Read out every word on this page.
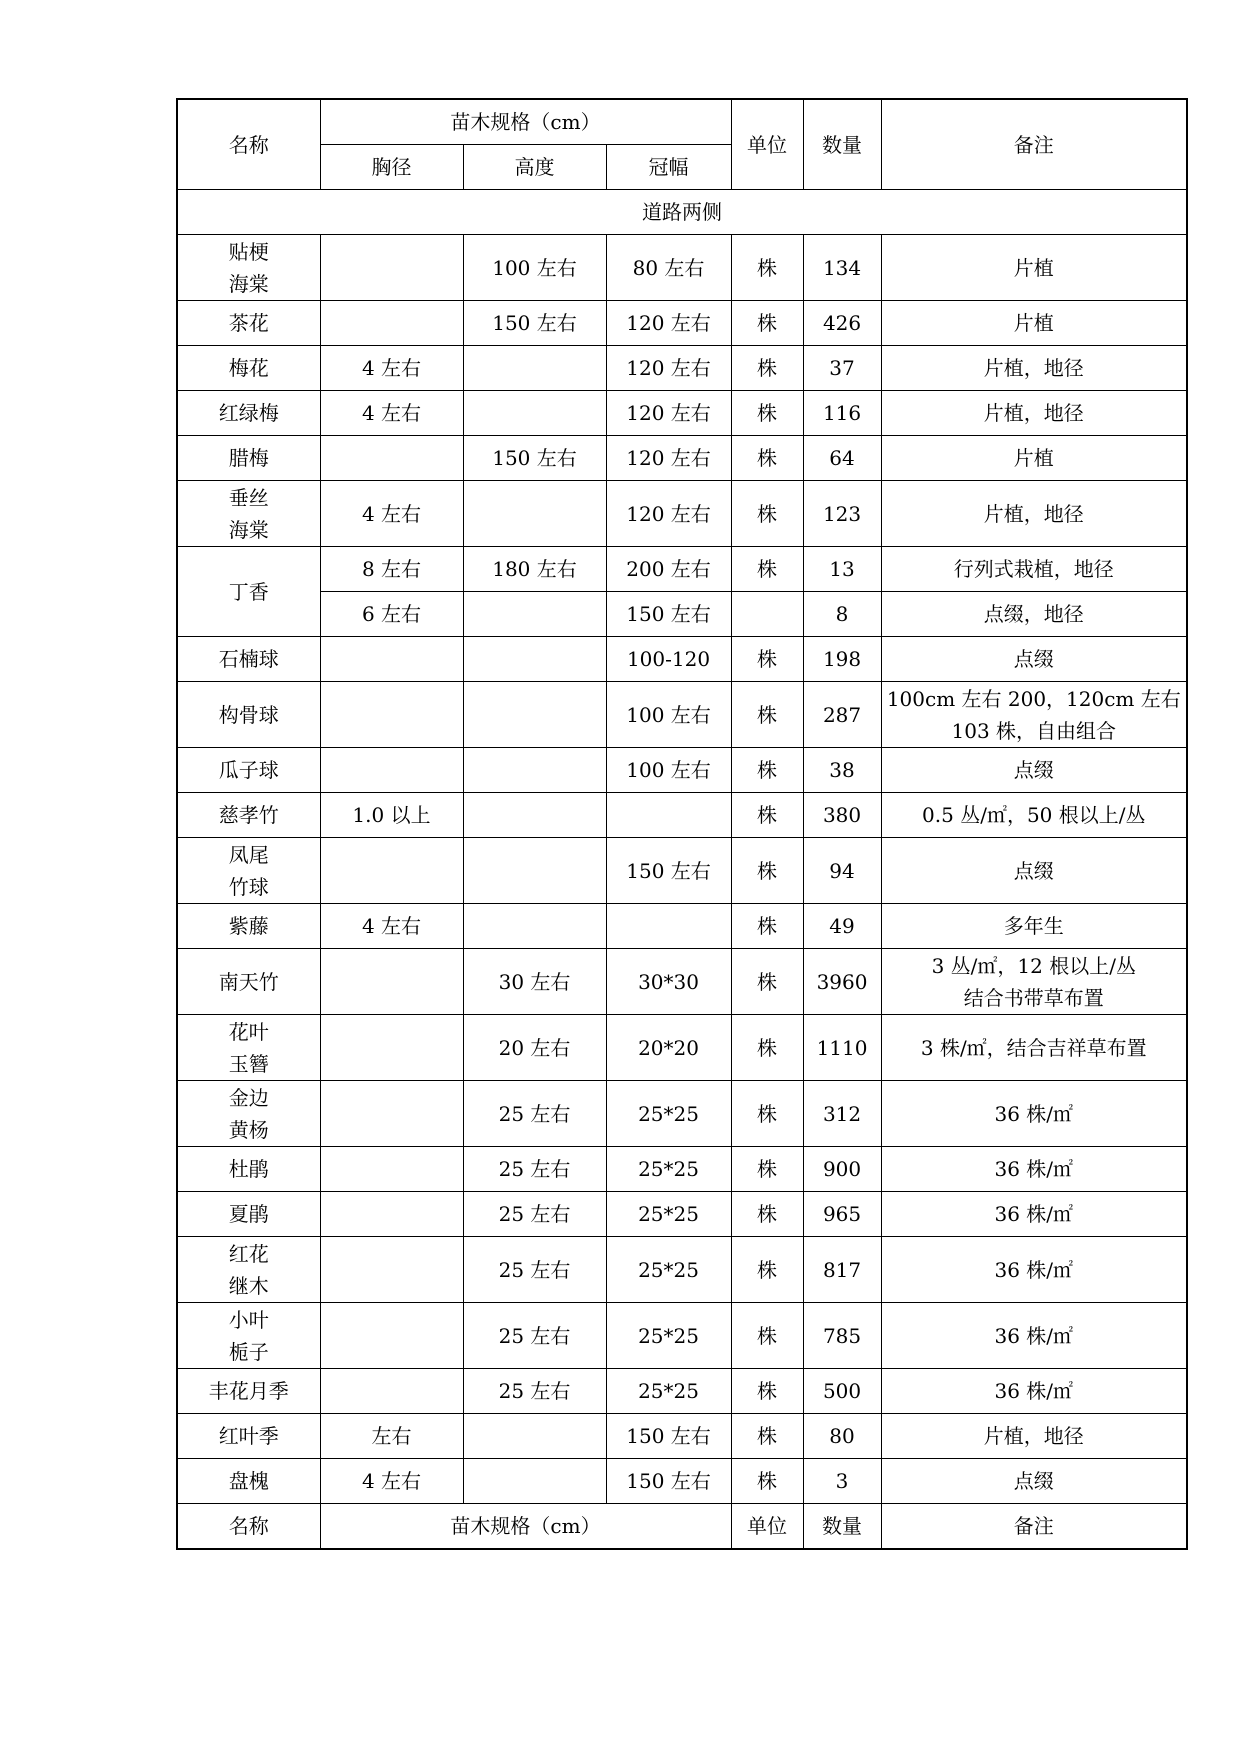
名称	苗木规格（cm）			单位	数量	备注
	胸径	高度	冠幅			
道路两侧						

贴梗
海棠		100 左右	80 左右	株	134	片植

茶花		150 左右	120 左右	株	426	片植

梅花	4 左右		120 左右	株	37	片植，地径

红绿梅	4 左右		120 左右	株	116	片植，地径

腊梅		150 左右	120 左右	株	64	片植

垂丝
海棠	4 左右		120 左右	株	123	片植，地径

丁香	8 左右	180 左右	200 左右	株	13	行列式栽植，地径

	6 左右		150 左右		8	点缀，地径

石楠球			100-120	株	198	点缀

构骨球			100 左右	株	287	100cm 左右 200，120cm 左右
103 株，自由组合

瓜子球			100 左右	株	38	点缀

慈孝竹	1.0 以上			株	380	0.5 丛/㎡，50 根以上/丛

凤尾
竹球			150 左右	株	94	点缀

紫藤	4 左右			株	49	多年生

南天竹		30 左右	30*30	株	3960	3 丛/㎡，12 根以上/丛
结合书带草布置

花叶
玉簪		20 左右	20*20	株	1110	3 株/㎡，结合吉祥草布置

金边
黄杨		25 左右	25*25	株	312	36 株/㎡

杜鹃		25 左右	25*25	株	900	36 株/㎡

夏鹃		25 左右	25*25	株	965	36 株/㎡

红花
继木		25 左右	25*25	株	817	36 株/㎡

小叶
栀子		25 左右	25*25	株	785	36 株/㎡

丰花月季		25 左右	25*25	株	500	36 株/㎡

红叶季	左右		150 左右	株	80	片植，地径

盘槐	4 左右		150 左右	株	3	点缀

名称	苗木规格（cm）			单位	数量	备注
